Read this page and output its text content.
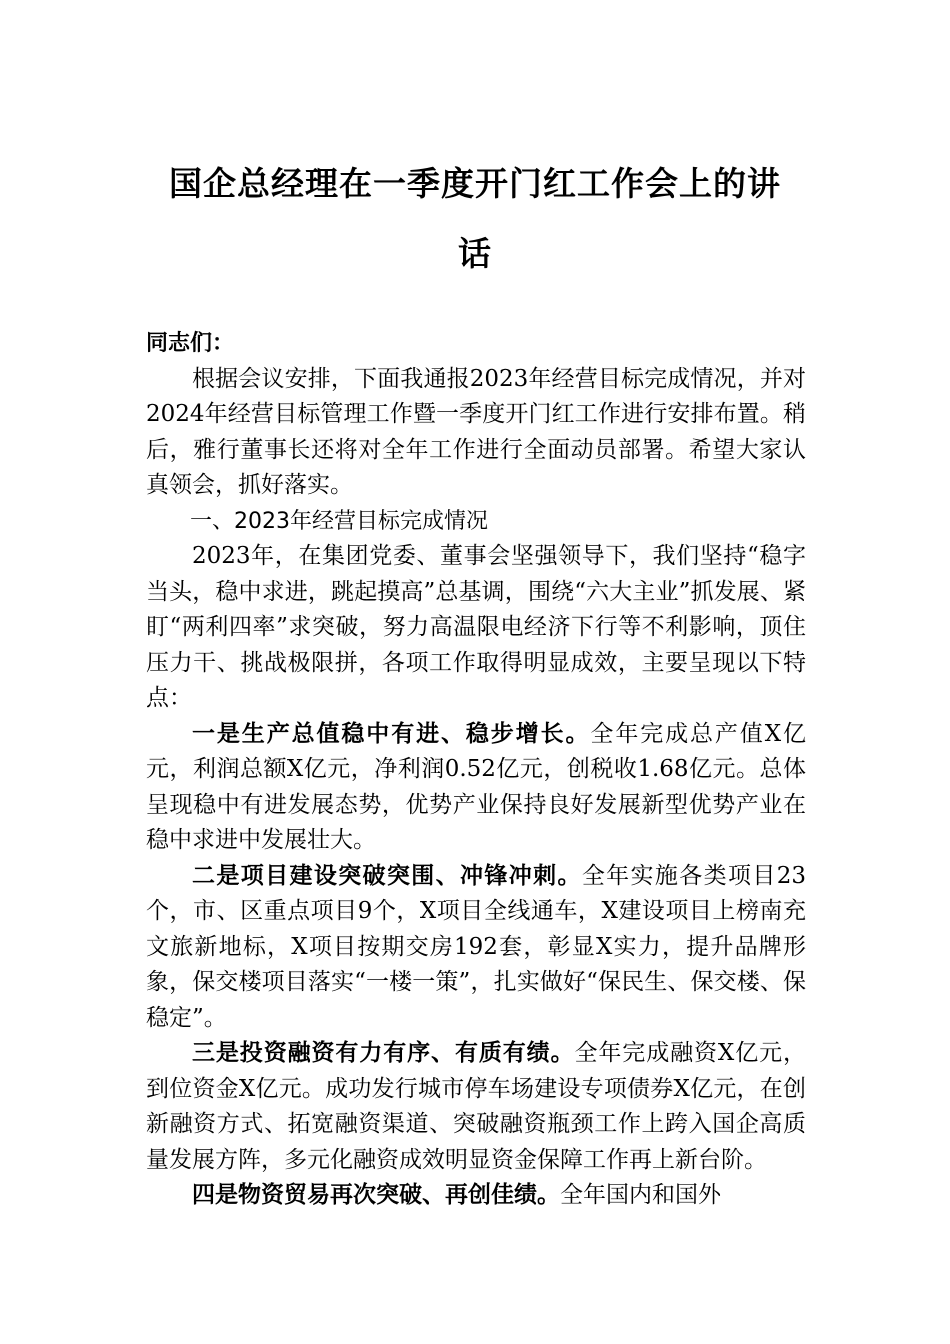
国企总经理在一季度开门红工作会上的讲
话

同志们：

根据会议安排，下面我通报2023年经营目标完成情况，并对2024年经营目标管理工作暨一季度开门红工作进行安排布置。稍后，雅行董事长还将对全年工作进行全面动员部署。希望大家认真领会，抓好落实。

一、2023年经营目标完成情况

2023年，在集团党委、董事会坚强领导下，我们坚持“稳字当头，稳中求进，跳起摸高”总基调，围绕“六大主业”抓发展、紧盯“两利四率”求突破，努力高温限电经济下行等不利影响，顶住压力干、挑战极限拼，各项工作取得明显成效，主要呈现以下特点：

一是生产总值稳中有进、稳步增长。全年完成总产值X亿元，利润总额X亿元，净利润0.52亿元，创税收1.68亿元。总体呈现稳中有进发展态势，优势产业保持良好发展新型优势产业在稳中求进中发展壮大。

二是项目建设突破突围、冲锋冲刺。全年实施各类项目23个，市、区重点项目9个，X项目全线通车，X建设项目上榜南充文旅新地标，X项目按期交房192套，彰显X实力，提升品牌形象，保交楼项目落实“一楼一策”，扎实做好“保民生、保交楼、保稳定”。

三是投资融资有力有序、有质有绩。全年完成融资X亿元，到位资金X亿元。成功发行城市停车场建设专项债券X亿元，在创新融资方式、拓宽融资渠道、突破融资瓶颈工作上跨入国企高质量发展方阵，多元化融资成效明显资金保障工作再上新台阶。

四是物资贸易再次突破、再创佳绩。全年国内和国外
